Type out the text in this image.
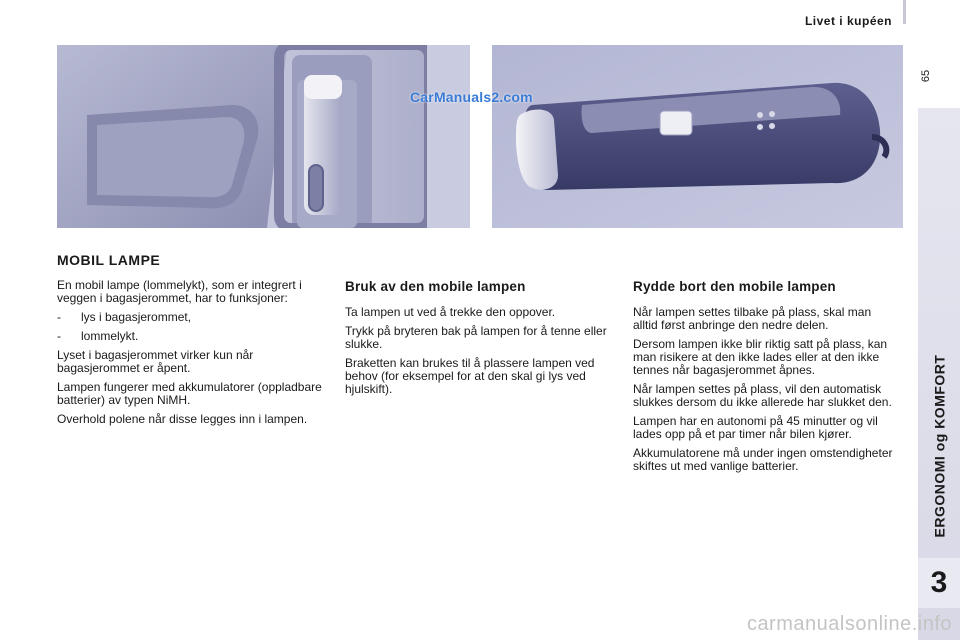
Livet i kupéen
65
ERGONOMI og KOMFORT
3
CarManuals2.com
MOBIL LAMPE

En mobil lampe (lommelykt), som er integrert i veggen i bagasjerommet, har to funksjoner:

-	lys i bagasjerommet,
-	lommelykt.

Lyset i bagasjerommet virker kun når bagasjerommet er åpent.

Lampen fungerer med akkumulatorer (oppladbare batterier) av typen NiMH.

Overhold polene når disse legges inn i lampen.

Bruk av den mobile lampen

Ta lampen ut ved å trekke den oppover.

Trykk på bryteren bak på lampen for å tenne eller slukke.

Braketten kan brukes til å plassere lampen ved behov (for eksempel for at den skal gi lys ved hjulskift).

Rydde bort den mobile lampen

Når lampen settes tilbake på plass, skal man alltid først anbringe den nedre delen.

Dersom lampen ikke blir riktig satt på plass, kan man risikere at den ikke lades eller at den ikke tennes når bagasjerommet åpnes.

Når lampen settes på plass, vil den automatisk slukkes dersom du ikke allerede har slukket den.

Lampen har en autonomi på 45 minutter og vil lades opp på et par timer når bilen kjører.

Akkumulatorene må under ingen omstendigheter skiftes ut med vanlige batterier.

carmanualsonline.info
